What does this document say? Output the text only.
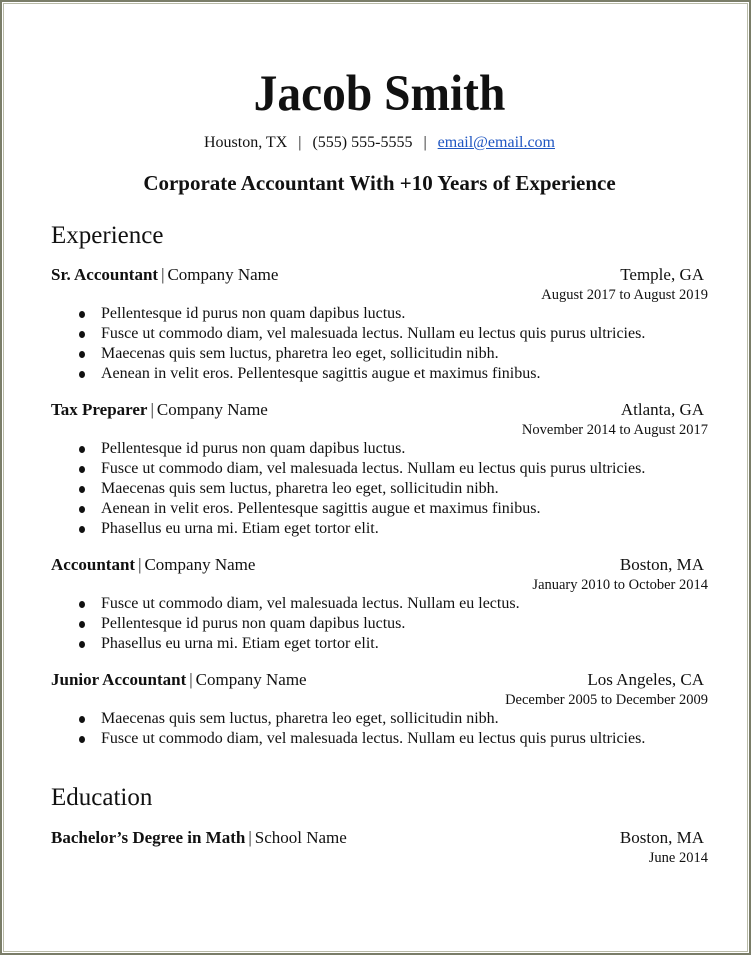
Jacob Smith
Houston, TX | (555) 555-5555 | email@email.com
Corporate Accountant With +10 Years of Experience
Experience
Sr. Accountant | Company Name	Temple, GA
August 2017 to August 2019
Pellentesque id purus non quam dapibus luctus.
Fusce ut commodo diam, vel malesuada lectus. Nullam eu lectus quis purus ultricies.
Maecenas quis sem luctus, pharetra leo eget, sollicitudin nibh.
Aenean in velit eros. Pellentesque sagittis augue et maximus finibus.
Tax Preparer | Company Name	Atlanta, GA
November 2014 to August 2017
Pellentesque id purus non quam dapibus luctus.
Fusce ut commodo diam, vel malesuada lectus. Nullam eu lectus quis purus ultricies.
Maecenas quis sem luctus, pharetra leo eget, sollicitudin nibh.
Aenean in velit eros. Pellentesque sagittis augue et maximus finibus.
Phasellus eu urna mi. Etiam eget tortor elit.
Accountant | Company Name	Boston, MA
January 2010 to October 2014
Fusce ut commodo diam, vel malesuada lectus. Nullam eu lectus.
Pellentesque id purus non quam dapibus luctus.
Phasellus eu urna mi. Etiam eget tortor elit.
Junior Accountant | Company Name	Los Angeles, CA
December 2005 to December 2009
Maecenas quis sem luctus, pharetra leo eget, sollicitudin nibh.
Fusce ut commodo diam, vel malesuada lectus. Nullam eu lectus quis purus ultricies.
Education
Bachelor’s Degree in Math | School Name	Boston, MA
June 2014
